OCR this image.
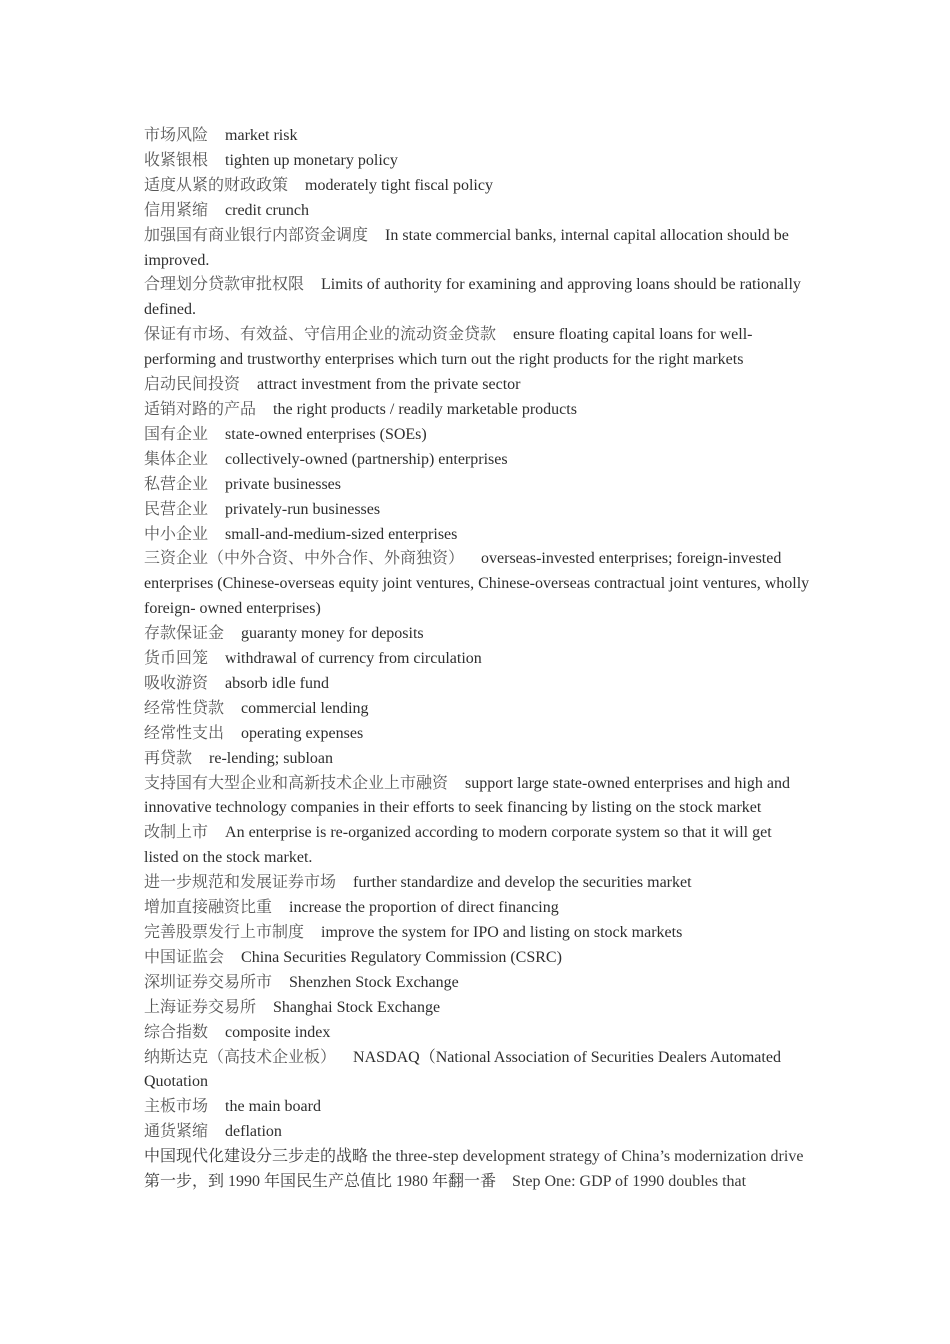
市场风险 market risk

收紧银根 tighten up monetary policy

适度从紧的财政政策 moderately tight fiscal policy

信用紧缩 credit crunch

加强国有商业银行内部资金调度 In state commercial banks, internal capital allocation should be improved.

合理划分贷款审批权限 Limits of authority for examining and approving loans should be rationally defined.

保证有市场、有效益、守信用企业的流动资金贷款 ensure floating capital loans for well-performing and trustworthy enterprises which turn out the right products for the right markets

启动民间投资 attract investment from the private sector

适销对路的产品 the right products / readily marketable products

国有企业 state-owned enterprises (SOEs)

集体企业 collectively-owned (partnership) enterprises

私营企业 private businesses

民营企业 privately-run businesses

中小企业 small-and-medium-sized enterprises

三资企业（中外合资、中外合作、外商独资） overseas-invested enterprises; foreign-invested enterprises (Chinese-overseas equity joint ventures, Chinese-overseas contractual joint ventures, wholly foreign- owned enterprises)

存款保证金 guaranty money for deposits

货币回笼 withdrawal of currency from circulation

吸收游资 absorb idle fund

经常性贷款 commercial lending

经常性支出 operating expenses

再贷款 re-lending; subloan

支持国有大型企业和高新技术企业上市融资 support large state-owned enterprises and high and innovative technology companies in their efforts to seek financing by listing on the stock market

改制上市 An enterprise is re-organized according to modern corporate system so that it will get listed on the stock market.

进一步规范和发展证券市场 further standardize and develop the securities market

增加直接融资比重 increase the proportion of direct financing

完善股票发行上市制度 improve the system for IPO and listing on stock markets

中国证监会 China Securities Regulatory Commission (CSRC)

深圳证券交易所市 Shenzhen Stock Exchange

上海证券交易所 Shanghai Stock Exchange

综合指数 composite index

纳斯达克（高技术企业板） NASDAQ（National Association of Securities Dealers Automated Quotation

主板市场 the main board

通货紧缩 deflation

中国现代化建设分三步走的战略 the three-step development strategy of China’s modernization drive 第一步，到 1990 年国民生产总值比 1980 年翻一番　Step One: GDP of 1990 doubles that
